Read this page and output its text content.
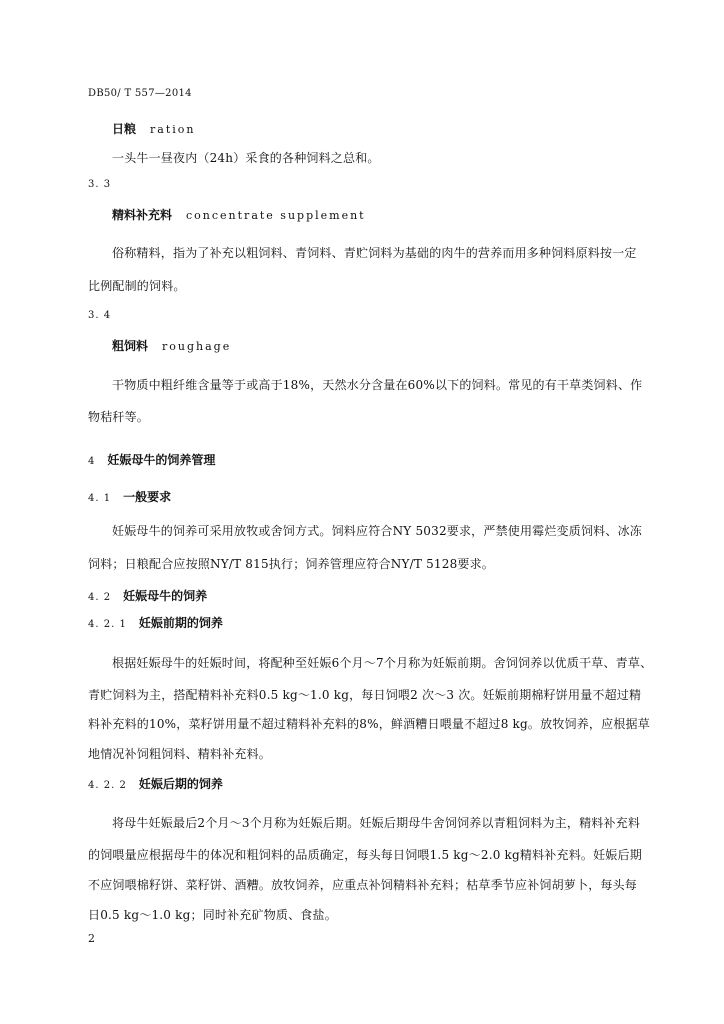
DB50/ T 557—2014
日粮 ration
一头牛一昼夜内（24h）采食的各种饲料之总和。
3. 3
精料补充料 concentrate supplement
俗称精料，指为了补充以粗饲料、青饲料、青贮饲料为基础的肉牛的营养而用多种饲料原料按一定
比例配制的饲料。
3. 4
粗饲料 roughage
干物质中粗纤维含量等于或高于18%，天然水分含量在60%以下的饲料。常见的有干草类饲料、作
物秸秆等。
4 妊娠母牛的饲养管理
4. 1 一般要求
妊娠母牛的饲养可采用放牧或舍饲方式。饲料应符合NY 5032要求，严禁使用霉烂变质饲料、冰冻
饲料；日粮配合应按照NY/T 815执行；饲养管理应符合NY/T 5128要求。
4. 2 妊娠母牛的饲养
4. 2. 1 妊娠前期的饲养
根据妊娠母牛的妊娠时间，将配种至妊娠6个月～7个月称为妊娠前期。舍饲饲养以优质干草、青草、
青贮饲料为主，搭配精料补充料0.5 kg～1.0 kg，每日饲喂2 次～3 次。妊娠前期棉籽饼用量不超过精
料补充料的10%，菜籽饼用量不超过精料补充料的8%，鲜酒糟日喂量不超过8 kg。放牧饲养，应根据草
地情况补饲粗饲料、精料补充料。
4. 2. 2 妊娠后期的饲养
将母牛妊娠最后2个月～3个月称为妊娠后期。妊娠后期母牛舍饲饲养以青粗饲料为主，精料补充料
的饲喂量应根据母牛的体况和粗饲料的品质确定，每头每日饲喂1.5 kg～2.0 kg精料补充料。妊娠后期
不应饲喂棉籽饼、菜籽饼、酒糟。放牧饲养，应重点补饲精料补充料；枯草季节应补饲胡萝卜，每头每
日0.5 kg～1.0 kg；同时补充矿物质、食盐。
2
